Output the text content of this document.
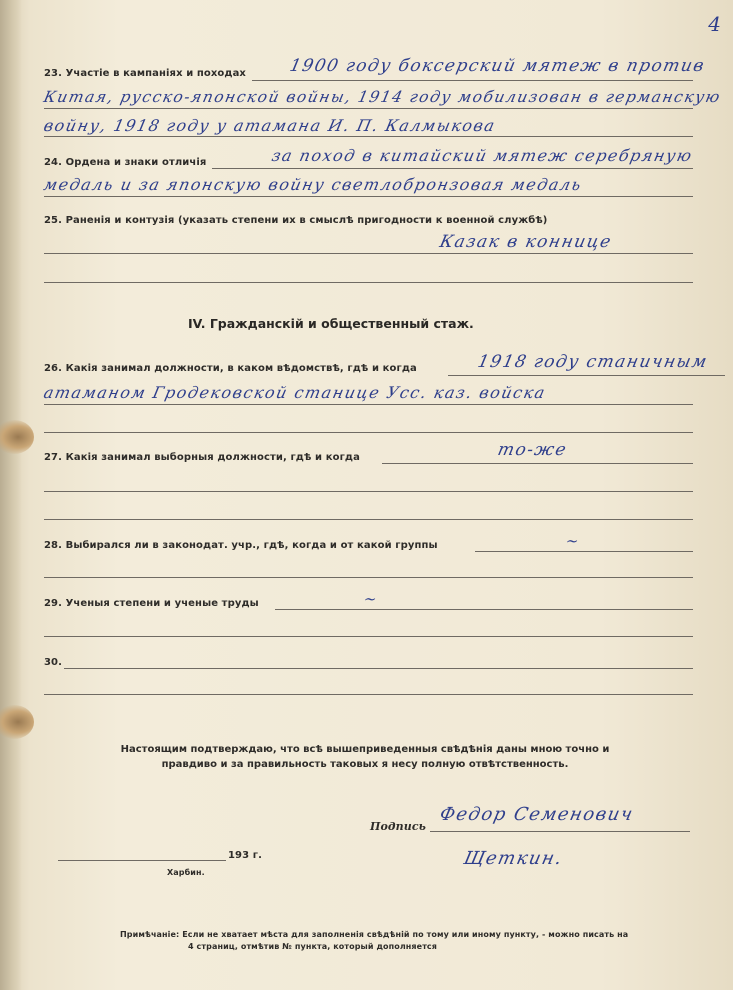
4
23. Участіе в кампаніях и походах 1900 году боксерский мятеж в против
Китая, русско-японской войны, 1914 году мобилизован в германскую
войну, 1918 году у атамана И. П. Калмыкова
24. Ордена и знаки отличія	за поход в китайский мятеж серебряную
медаль и за японскую войну светлобронзовая медаль
25. Раненія и контузія (указать степени их в смыслѣ пригодности к военной службѣ)
Казак в коннице
IV. Гражданскій и общественный стаж.
26. Какія занимал должности, в каком вѣдомствѣ, гдѣ и когда	1918 году станичным
атаманом Гродековской станице Усс. каз. войска
27. Какія занимал выборныя должности, гдѣ и когда	то-же
28. Выбирался ли в законодат. учр., гдѣ, когда и от какой группы	~
29. Ученыя степени и ученые труды	~
30.
Настоящим подтверждаю, что всѣ вышеприведенныя свѣдѣнія даны мною точно и правдиво и за правильность таковых я несу полную отвѣтственность.
Подпись
Федор Семенович
Щеткин.
193 г.
Харбин.
Примѣчаніе: Если не хватает мѣста для заполненія свѣдѣній по тому или иному пункту, - можно писать на
4 страниц, отмѣтив № пункта, который дополняется
